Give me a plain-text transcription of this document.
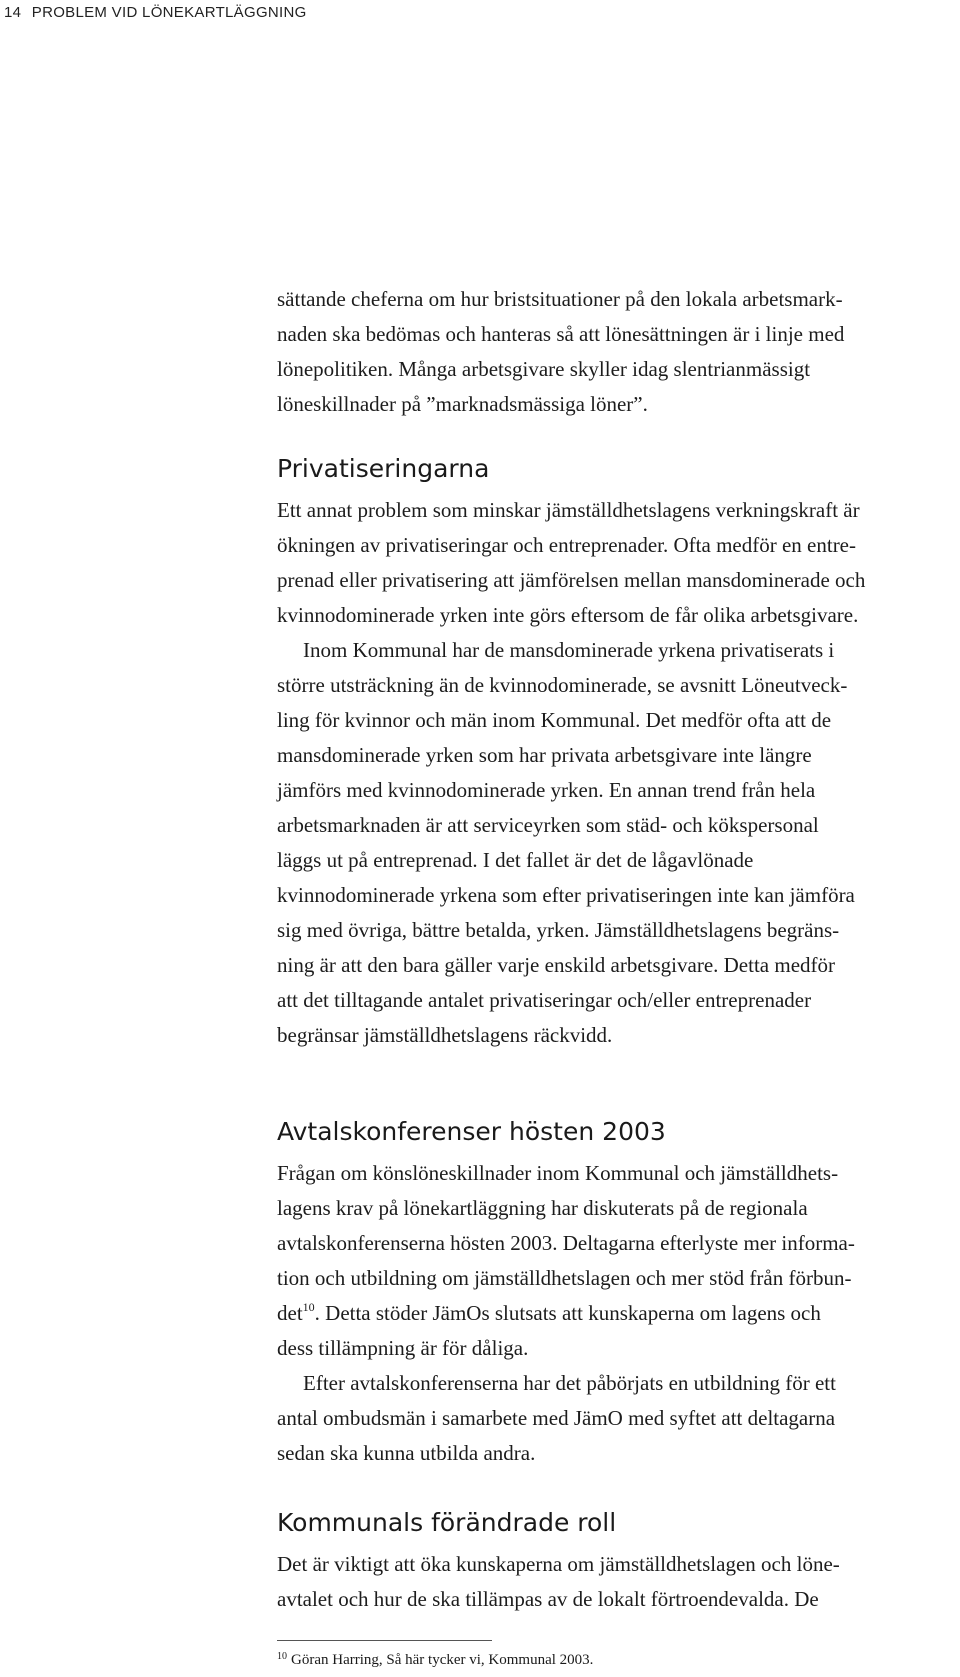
14 PROBLEM VID LÖNEKARTLÄGGNING
sättande cheferna om hur bristsituationer på den lokala arbetsmark-
naden ska bedömas och hanteras så att lönesättningen är i linje med
lönepolitiken. Många arbetsgivare skyller idag slentrianmässigt
löneskillnader på ”marknadsmässiga löner”.
Privatiseringarna
Ett annat problem som minskar jämställdhetslagens verkningskraft är
ökningen av privatiseringar och entreprenader. Ofta medför en entre-
prenad eller privatisering att jämförelsen mellan mansdominerade och
kvinnodominerade yrken inte görs eftersom de får olika arbetsgivare.
Inom Kommunal har de mansdominerade yrkena privatiserats i
större utsträckning än de kvinnodominerade, se avsnitt Löneutveck-
ling för kvinnor och män inom Kommunal. Det medför ofta att de
mansdominerade yrken som har privata arbetsgivare inte längre
jämförs med kvinnodominerade yrken. En annan trend från hela
arbetsmarknaden är att serviceyrken som städ- och kökspersonal
läggs ut på entreprenad. I det fallet är det de lågavlönade
kvinnodominerade yrkena som efter privatiseringen inte kan jämföra
sig med övriga, bättre betalda, yrken. Jämställdhetslagens begräns-
ning är att den bara gäller varje enskild arbetsgivare. Detta medför
att det tilltagande antalet privatiseringar och/eller entreprenader
begränsar jämställdhetslagens räckvidd.
Avtalskonferenser hösten 2003
Frågan om könslöneskillnader inom Kommunal och jämställdhets-
lagens krav på lönekartläggning har diskuterats på de regionala
avtalskonferenserna hösten 2003. Deltagarna efterlyste mer informa-
tion och utbildning om jämställdhetslagen och mer stöd från förbun-
det$^{10}$. Detta stöder JämOs slutsats att kunskaperna om lagens och
dess tillämpning är för dåliga.
Efter avtalskonferenserna har det påbörjats en utbildning för ett
antal ombudsmän i samarbete med JämO med syftet att deltagarna
sedan ska kunna utbilda andra.
Kommunals förändrade roll
Det är viktigt att öka kunskaperna om jämställdhetslagen och löne-
avtalet och hur de ska tillämpas av de lokalt förtroendevalda. De
$^{10}$ Göran Harring, Så här tycker vi, Kommunal 2003.
